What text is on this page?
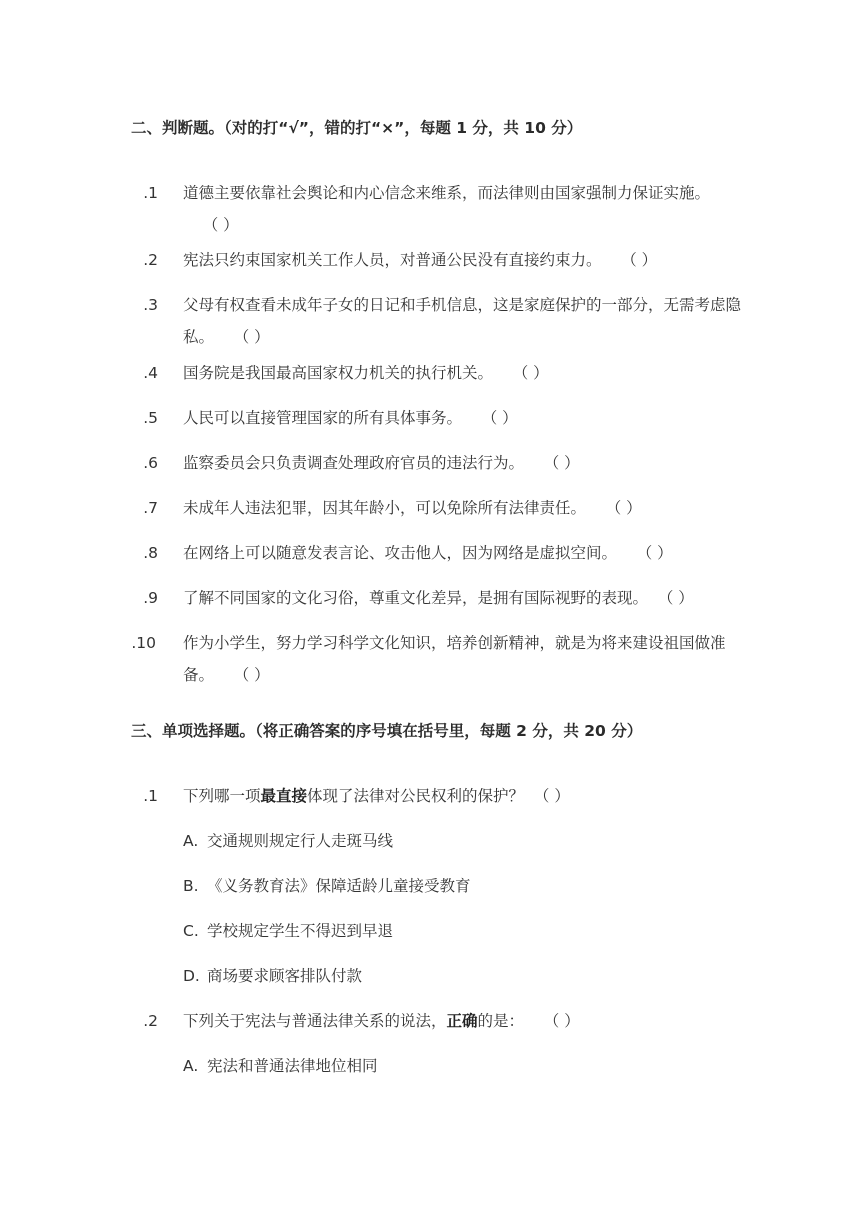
二、判断题。（对的打“√”，错的打“×”，每题 1 分，共 10 分）
1. 道德主要依靠社会舆论和内心信念来维系，而法律则由国家强制力保证实施。    （ ）
2. 宪法只约束国家机关工作人员，对普通公民没有直接约束力。 （ ）
3. 父母有权查看未成年子女的日记和手机信息，这是家庭保护的一部分，无需考虑隐私。 （ ）
4. 国务院是我国最高国家权力机关的执行机关。 （ ）
5. 人民可以直接管理国家的所有具体事务。 （ ）
6. 监察委员会只负责调查处理政府官员的违法行为。 （ ）
7. 未成年人违法犯罪，因其年龄小，可以免除所有法律责任。 （ ）
8. 在网络上可以随意发表言论、攻击他人，因为网络是虚拟空间。 （ ）
9. 了解不同国家的文化习俗，尊重文化差异，是拥有国际视野的表现。 （ ）
10. 作为小学生，努力学习科学文化知识，培养创新精神，就是为将来建设祖国做准备。 （ ）
三、单项选择题。（将正确答案的序号填在括号里，每题 2 分，共 20 分）
1. 下列哪一项最直接体现了法律对公民权利的保护？ （ ）
A. 交通规则规定行人走斑马线
B. 《义务教育法》保障适龄儿童接受教育
C. 学校规定学生不得迟到早退
D. 商场要求顾客排队付款
2. 下列关于宪法与普通法律关系的说法，正确的是： （ ）
A. 宪法和普通法律地位相同
